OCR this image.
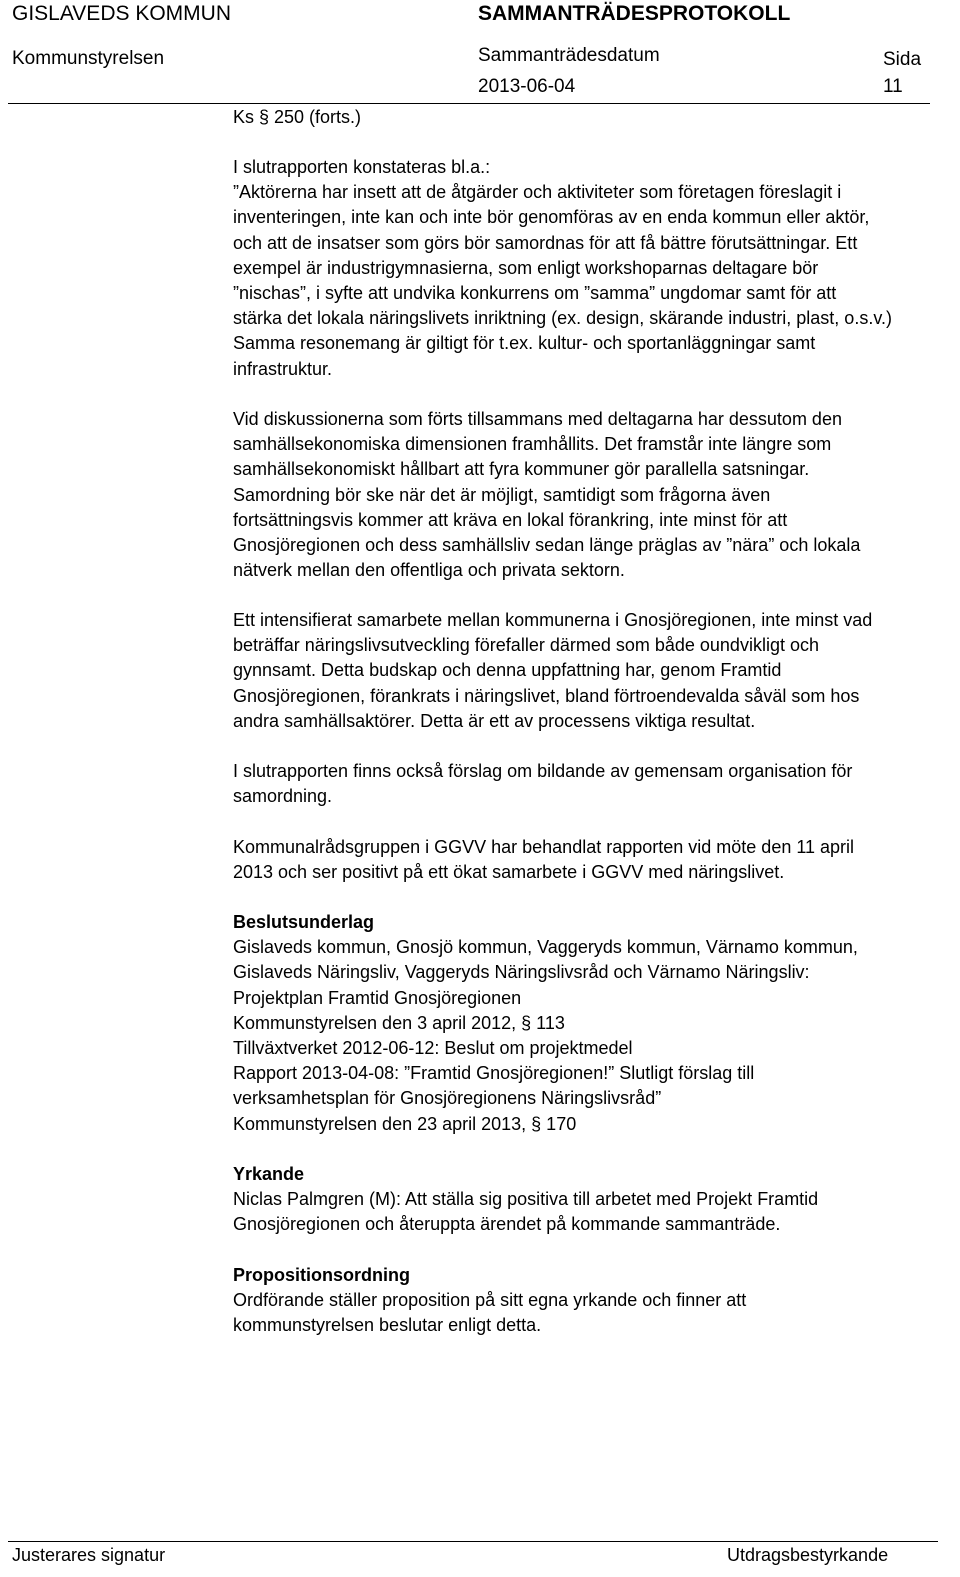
GISLAVEDS KOMMUN	SAMMANTRÄDESPROTOKOLL
Kommunstyrelsen	Sammanträdesdatum
2013-06-04
Sida
11
Ks § 250 (forts.)
I slutrapporten konstateras bl.a.:
”Aktörerna har insett att de åtgärder och aktiviteter som företagen föreslagit i
inventeringen, inte kan och inte bör genomföras av en enda kommun eller aktör,
och att de insatser som görs bör samordnas för att få bättre förutsättningar. Ett
exempel är industrigymnasierna, som enligt workshoparnas deltagare bör
”nischas”, i syfte att undvika konkurrens om ”samma” ungdomar samt för att
stärka det lokala näringslivets inriktning (ex. design, skärande industri, plast, o.s.v.)
Samma resonemang är giltigt för t.ex. kultur- och sportanläggningar samt
infrastruktur.
Vid diskussionerna som förts tillsammans med deltagarna har dessutom den
samhällsekonomiska dimensionen framhållits. Det framstår inte längre som
samhällsekonomiskt hållbart att fyra kommuner gör parallella satsningar.
Samordning bör ske när det är möjligt, samtidigt som frågorna även
fortsättningsvis kommer att kräva en lokal förankring, inte minst för att
Gnosjöregionen och dess samhällsliv sedan länge präglas av ”nära” och lokala
nätverk mellan den offentliga och privata sektorn.
Ett intensifierat samarbete mellan kommunerna i Gnosjöregionen, inte minst vad
beträffar näringslivsutveckling förefaller därmed som både oundvikligt och
gynnsamt. Detta budskap och denna uppfattning har, genom Framtid
Gnosjöregionen, förankrats i näringslivet, bland förtroendevalda såväl som hos
andra samhällsaktörer. Detta är ett av processens viktiga resultat.
I slutrapporten finns också förslag om bildande av gemensam organisation för
samordning.
Kommunalrådsgruppen i GGVV har behandlat rapporten vid möte den 11 april
2013 och ser positivt på ett ökat samarbete i GGVV med näringslivet.
Beslutsunderlag
Gislaveds kommun, Gnosjö kommun, Vaggeryds kommun, Värnamo kommun,
Gislaveds Näringsliv, Vaggeryds Näringslivsråd och Värnamo Näringsliv:
Projektplan Framtid Gnosjöregionen
Kommunstyrelsen den 3 april 2012, § 113
Tillväxtverket 2012-06-12: Beslut om projektmedel
Rapport 2013-04-08: ”Framtid Gnosjöregionen!” Slutligt förslag till
verksamhetsplan för Gnosjöregionens Näringslivsråd”
Kommunstyrelsen den 23 april 2013, § 170
Yrkande
Niclas Palmgren (M): Att ställa sig positiva till arbetet med Projekt Framtid
Gnosjöregionen och återuppta ärendet på kommande sammanträde.
Propositionsordning
Ordförande ställer proposition på sitt egna yrkande och finner att
kommunstyrelsen beslutar enligt detta.
Justerares signatur	Utdragsbestyrkande
